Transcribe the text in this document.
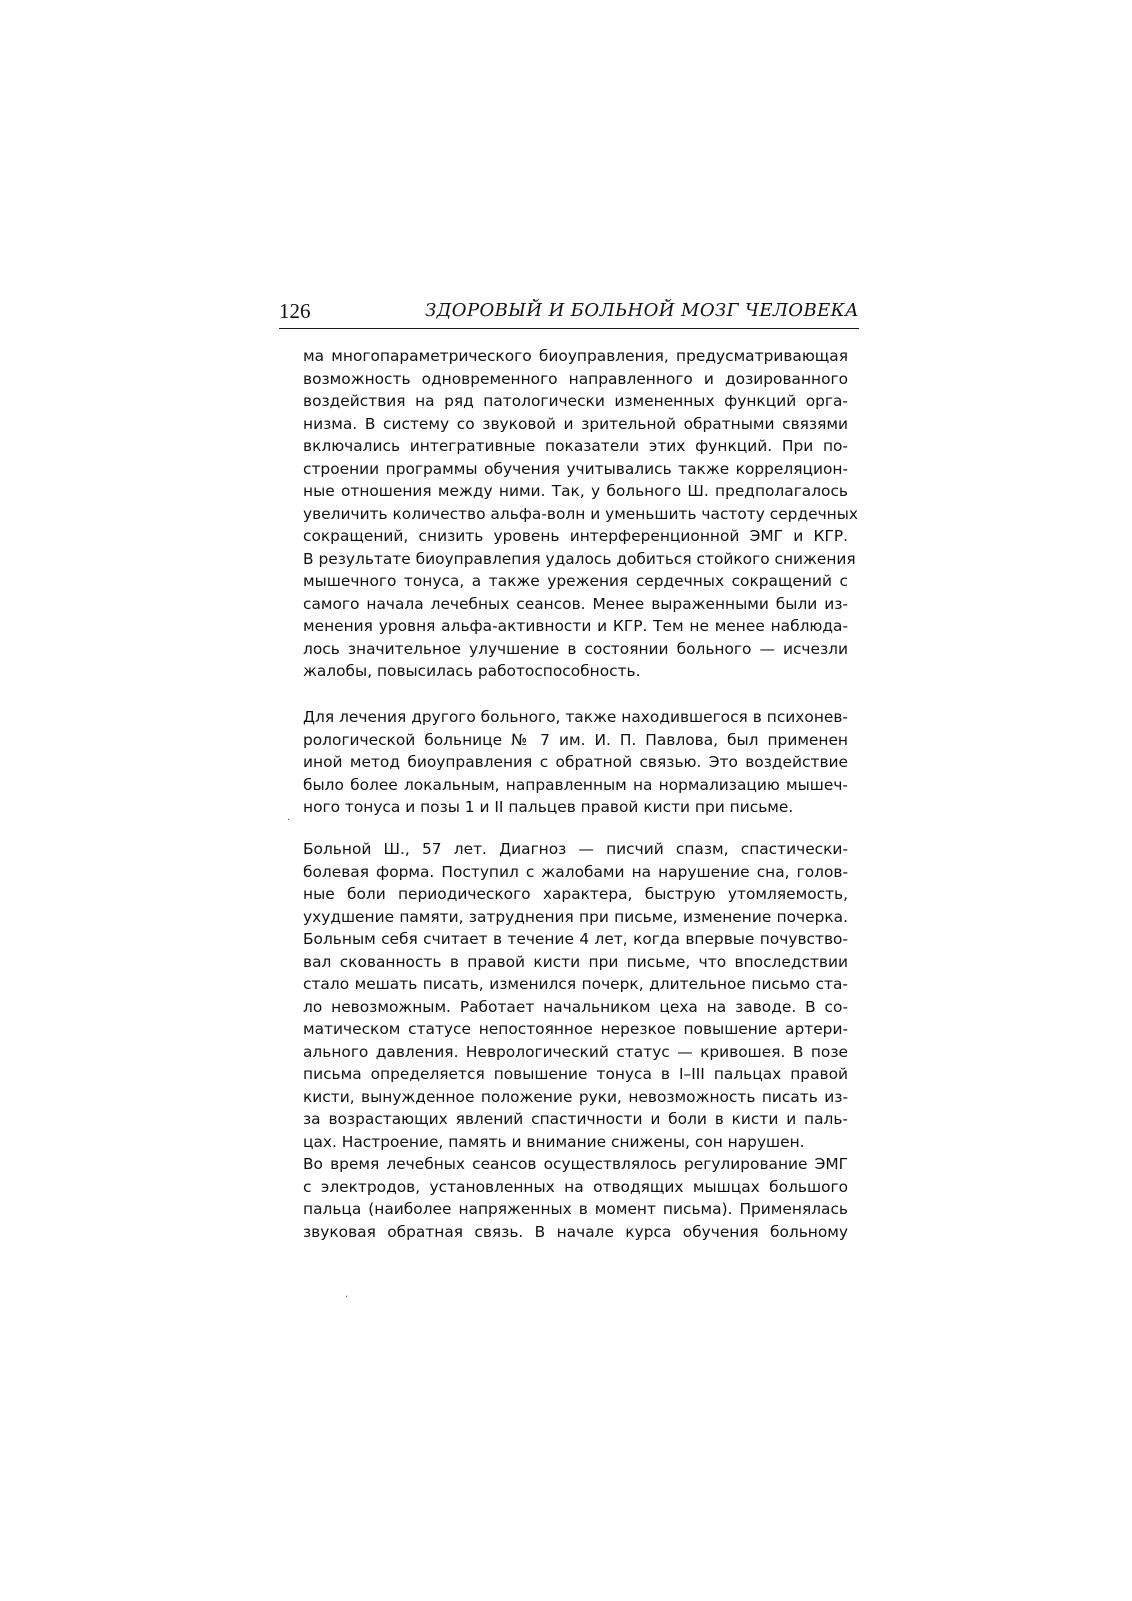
126	ЗДОРОВЫЙ И БОЛЬНОЙ МОЗГ ЧЕЛОВЕКА
ма многопараметрического биоуправления, предусматривающая
возможность одновременного направленного и дозированного
воздействия на ряд патологически измененных функций орга-
низма. В систему со звуковой и зрительной обратными связями
включались интегративные показатели этих функций. При по-
строении программы обучения учитывались также корреляцион-
ные отношения между ними. Так, у больного Ш. предполагалось
увеличить количество альфа-волн и уменьшить частоту сердечных
сокращений, снизить уровень интерференционной ЭМГ и КГР.
В результате биоуправлепия удалось добиться стойкого снижения
мышечного тонуса, а также урежения сердечных сокращений с
самого начала лечебных сеансов. Менее выраженными были из-
менения уровня альфа-активности и КГР. Тем не менее наблюда-
лось значительное улучшение в состоянии больного — исчезли
жалобы, повысилась работоспособность.
Для лечения другого больного, также находившегося в психонев-
рологической больнице № 7 им. И. П. Павлова, был применен
иной метод биоуправления с обратной связью. Это воздействие
было более локальным, направленным на нормализацию мышеч-
ного тонуса и позы 1 и II пальцев правой кисти при письме.
Больной Ш., 57 лет. Диагноз — писчий спазм, спастически-
болевая форма. Поступил с жалобами на нарушение сна, голов-
ные боли периодического характера, быструю утомляемость,
ухудшение памяти, затруднения при письме, изменение почерка.
Больным себя считает в течение 4 лет, когда впервые почувство-
вал скованность в правой кисти при письме, что впоследствии
стало мешать писать, изменился почерк, длительное письмо ста-
ло невозможным. Работает начальником цеха на заводе. В со-
матическом статусе непостоянное нерезкое повышение артери-
ального давления. Неврологический статус — кривошея. В позе
письма определяется повышение тонуса в I–III пальцах правой
кисти, вынужденное положение руки, невозможность писать из-
за возрастающих явлений спастичности и боли в кисти и паль-
цах. Настроение, память и внимание снижены, сон нарушен.
Во время лечебных сеансов осуществлялось регулирование ЭМГ
с электродов, установленных на отводящих мышцах большого
пальца (наиболее напряженных в момент письма). Применялась
звуковая обратная связь. В начале курса обучения больному
·
·
